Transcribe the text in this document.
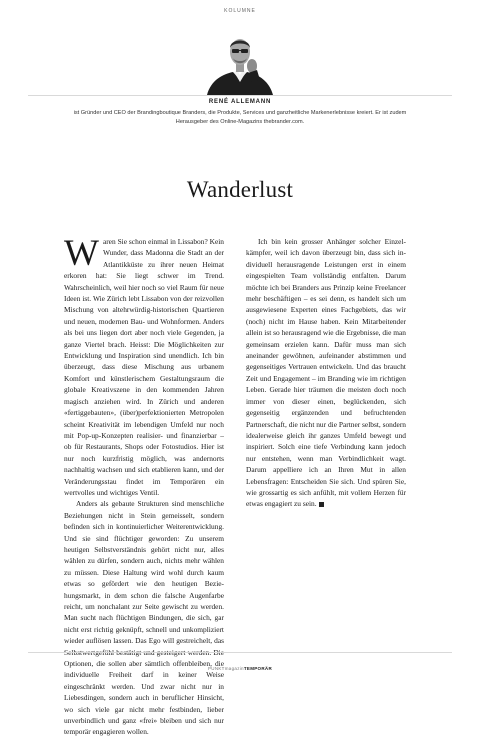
KOLUMNE
RENÉ ALLEMANN
ist Gründer und CEO der Brandingboutique Branders, die Produkte, Services und ganzheitliche Markenerlebnisse kreiert. Er ist zudem Herausgeber des Online-Magazins thebrander.com.
Wanderlust

Waren Sie schon einmal in Lissabon? Kein Wunder, dass Madonna die Stadt an der Atlantikküste zu ihrer neuen Heimat erkoren hat: Sie liegt schwer im Trend. Wahrscheinlich, weil hier noch so viel Raum für neue Ideen ist. Wie Zürich lebt Lissabon von der reizvollen Mischung von altehrwürdig-historischen Quartieren und neuen, modernen Bau- und Wohnformen. Anders als bei uns liegen dort aber noch viele Gegenden, ja ganze Viertel brach. Heisst: Die Möglichkeiten zur Entwicklung und Inspiration sind unendlich. Ich bin überzeugt, dass diese Mischung aus urbanem Komfort und künstlerischem Gestaltungsraum die globale Kreativszene in den kommenden Jahren magisch anziehen wird. In Zürich und anderen «fertiggebauten», (über)perfektionierten Metropolen scheint Kreativität im lebendigen Umfeld nur noch mit Pop-up-Konzepten realisier- und finanzierbar – ob für Restaurants, Shops oder Fotostudios. Hier ist nur noch kurzfristig möglich, was andernorts nachhaltig wachsen und sich etablieren kann, und der Veränderungsstau findet im Temporären ein wertvolles und wichtiges Ventil.

Anders als gebaute Strukturen sind menschliche Beziehungen nicht in Stein gemeisselt, sondern befinden sich in kontinuierlicher Weiterentwicklung. Und sie sind flüchtiger geworden: Zu unserem heutigen Selbstverständnis gehört nicht nur, alles wählen zu dürfen, sondern auch, nichts mehr wählen zu müssen. Diese Haltung wird wohl durch kaum etwas so gefördert wie den heutigen Beziehungsmarkt, in dem schon die falsche Augenfarbe reicht, um nonchalant zur Seite gewischt zu werden. Man sucht nach flüchtigen Bindungen, die sich, gar nicht erst richtig geknüpft, schnell und unkompliziert wieder auflösen lassen. Das Ego will gestreichelt, das Selbstwertgefühl bestätigt und gesteigert werden. Die Optionen, die sollen aber sämtlich offenbleiben, die individuelle Freiheit darf in keiner Weise eingeschränkt werden. Und zwar nicht nur in Liebesdingen, sondern auch in beruflicher Hinsicht, wo sich viele gar nicht mehr festbinden, lieber unverbindlich und ganz «frei» bleiben und sich nur temporär engagieren wollen.

Ich bin kein grosser Anhänger solcher Einzelkämpfer, weil ich davon überzeugt bin, dass sich individuell herausragende Leistungen erst in einem eingespielten Team vollständig entfalten. Darum möchte ich bei Branders aus Prinzip keine Freelancer mehr beschäftigen – es sei denn, es handelt sich um ausgewiesene Experten eines Fachgebiets, das wir (noch) nicht im Hause haben. Kein Mitarbeitender allein ist so herausragend wie die Ergebnisse, die man gemeinsam erzielen kann. Dafür muss man sich aneinander gewöhnen, aufeinander abstimmen und gegenseitiges Vertrauen entwickeln. Und das braucht Zeit und Engagement – im Branding wie im richtigen Leben. Gerade hier träumen die meisten doch noch immer von dieser einen, beglückenden, sich gegenseitig ergänzenden und befruchtenden Partnerschaft, die nicht nur die Partner selbst, sondern idealerweise gleich ihr ganzes Umfeld bewegt und inspiriert. Solch eine tiefe Verbindung kann jedoch nur entstehen, wenn man Verbindlichkeit wagt. Darum appelliere ich an Ihren Mut in allen Lebensfragen: Entscheiden Sie sich. Und spüren Sie, wie grossartig es sich anfühlt, mit vollem Herzen für etwas engagiert zu sein.	✕

PUNKTmagazinTEMPORÄR
